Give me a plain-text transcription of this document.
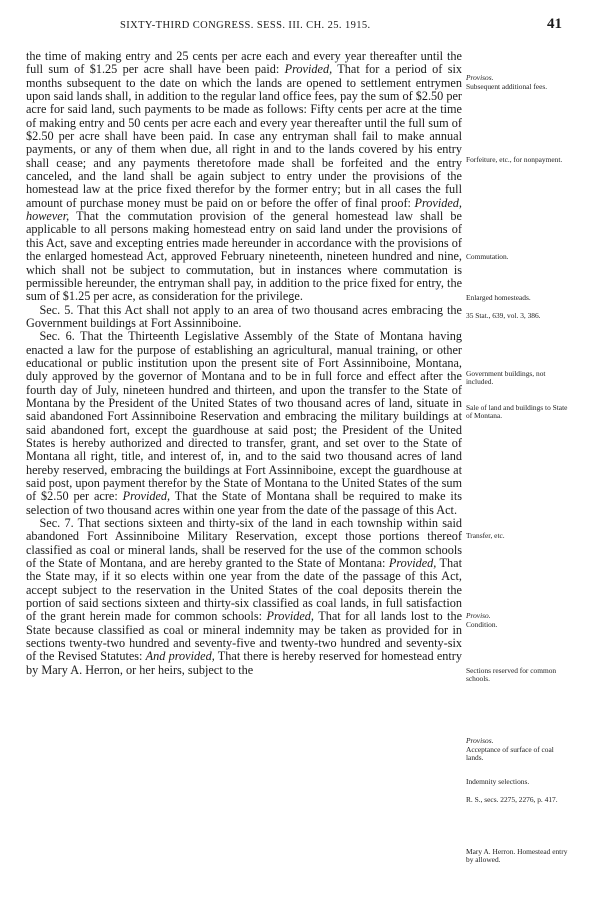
SIXTY-THIRD CONGRESS. SESS. III. CH. 25. 1915.	41

the time of making entry and 25 cents per acre each and every year thereafter until the full sum of $1.25 per acre shall have been paid: Provided, That for a period of six months subsequent to the date on which the lands are opened to settlement entrymen upon said lands shall, in addition to the regular land office fees, pay the sum of $2.50 per acre for said land, such payments to be made as follows: Fifty cents per acre at the time of making entry and 50 cents per acre each and every year thereafter until the full sum of $2.50 per acre shall have been paid. In case any entryman shall fail to make annual payments, or any of them when due, all right in and to the lands covered by his entry shall cease; and any payments theretofore made shall be forfeited and the entry canceled, and the land shall be again subject to entry under the provisions of the homestead law at the price fixed therefor by the former entry; but in all cases the full amount of purchase money must be paid on or before the offer of final proof: Provided, however, That the commutation provision of the general homestead law shall be applicable to all persons making homestead entry on said land under the provisions of this Act, save and excepting entries made hereunder in accordance with the provisions of the enlarged homestead Act, approved February nineteenth, nineteen hundred and nine, which shall not be subject to commutation, but in instances where commutation is permissible hereunder, the entryman shall pay, in addition to the price fixed for entry, the sum of $1.25 per acre, as consideration for the privilege.

Sec. 5. That this Act shall not apply to an area of two thousand acres embracing the Government buildings at Fort Assinniboine.

Sec. 6. That the Thirteenth Legislative Assembly of the State of Montana having enacted a law for the purpose of establishing an agricultural, manual training, or other educational or public institution upon the present site of Fort Assinniboine, Montana, duly approved by the governor of Montana and to be in full force and effect after the fourth day of July, nineteen hundred and thirteen, and upon the transfer to the State of Montana by the President of the United States of two thousand acres of land, situate in said abandoned Fort Assinniboine Reservation and embracing the military buildings at said abandoned fort, except the guardhouse at said post; the President of the United States is hereby authorized and directed to transfer, grant, and set over to the State of Montana all right, title, and interest of, in, and to the said two thousand acres of land hereby reserved, embracing the buildings at Fort Assinniboine, except the guardhouse at said post, upon payment therefor by the State of Montana to the United States of the sum of $2.50 per acre: Provided, That the State of Montana shall be required to make its selection of two thousand acres within one year from the date of the passage of this Act.

Sec. 7. That sections sixteen and thirty-six of the land in each township within said abandoned Fort Assinniboine Military Reservation, except those portions thereof classified as coal or mineral lands, shall be reserved for the use of the common schools of the State of Montana, and are hereby granted to the State of Montana: Provided, That the State may, if it so elects within one year from the date of the passage of this Act, accept subject to the reservation in the United States of the coal deposits therein the portion of said sections sixteen and thirty-six classified as coal lands, in full satisfaction of the grant herein made for common schools: Provided, That for all lands lost to the State because classified as coal or mineral indemnity may be taken as provided for in sections twenty-two hundred and seventy-five and twenty-two hundred and seventy-six of the Revised Statutes: And provided, That there is hereby reserved for homestead entry by Mary A. Herron, or her heirs, subject to the

Provisos.
Subsequent additional fees.
Forfeiture, etc., for nonpayment.
Commutation.
Enlarged homesteads.
35 Stat., 639, vol. 3, 386.
Government buildings, not included.
Sale of land and buildings to State of Montana.
Transfer, etc.
Proviso.
Condition.
Sections reserved for common schools.
Provisos.
Acceptance of surface of coal lands.
Indemnity selections.
R. S., secs. 2275, 2276, p. 417.
Mary A. Herron. Homestead entry by allowed.
